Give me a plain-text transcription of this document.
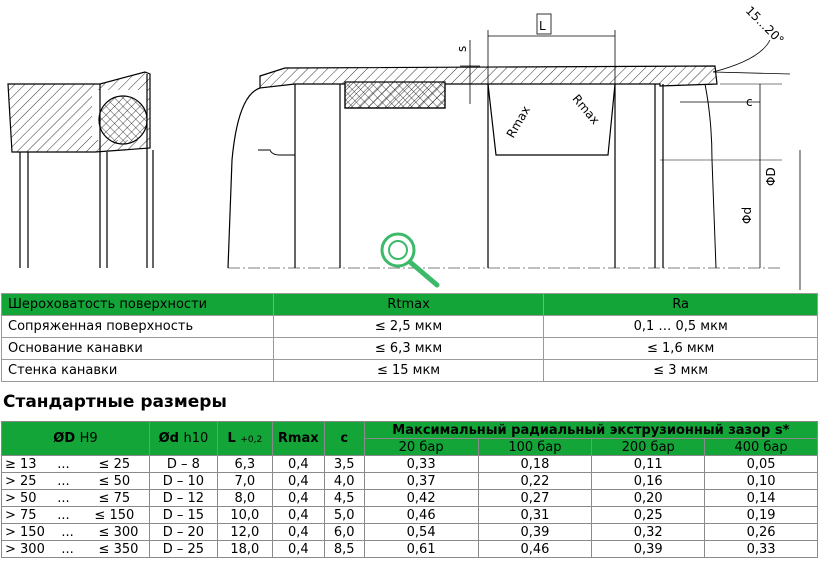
L
s
15...20°
Rmax	Rmax	c
ΦD
Φd
Шероховатость поверхности	Rtmax	Ra
Сопряженная поверхность	≤ 2,5 мкм	0,1 … 0,5 мкм
Основание канавки	≤ 6,3 мкм	≤ 1,6 мкм
Стенка канавки	≤ 15 мкм	≤ 3 мкм
Стандартные размеры
ØD H9	Ød h10	L +0,2	Rmax	c	Максимальный радиальный экструзионный зазор s*			
					20 бар	100 бар	200 бар	400 бар
≥ 13     ...       ≤ 25	D – 8	6,3	0,4	3,5	0,33	0,18	0,11	0,05
> 25     ...       ≤ 50	D – 10	7,0	0,4	4,0	0,37	0,22	0,16	0,10
> 50     ...       ≤ 75	D – 12	8,0	0,4	4,5	0,42	0,27	0,20	0,14
> 75     ...      ≤ 150	D – 15	10,0	0,4	5,0	0,46	0,31	0,25	0,19
> 150    ...      ≤ 300	D – 20	12,0	0,4	6,0	0,54	0,39	0,32	0,26
> 300    ...      ≤ 350	D – 25	18,0	0,4	8,5	0,61	0,46	0,39	0,33
